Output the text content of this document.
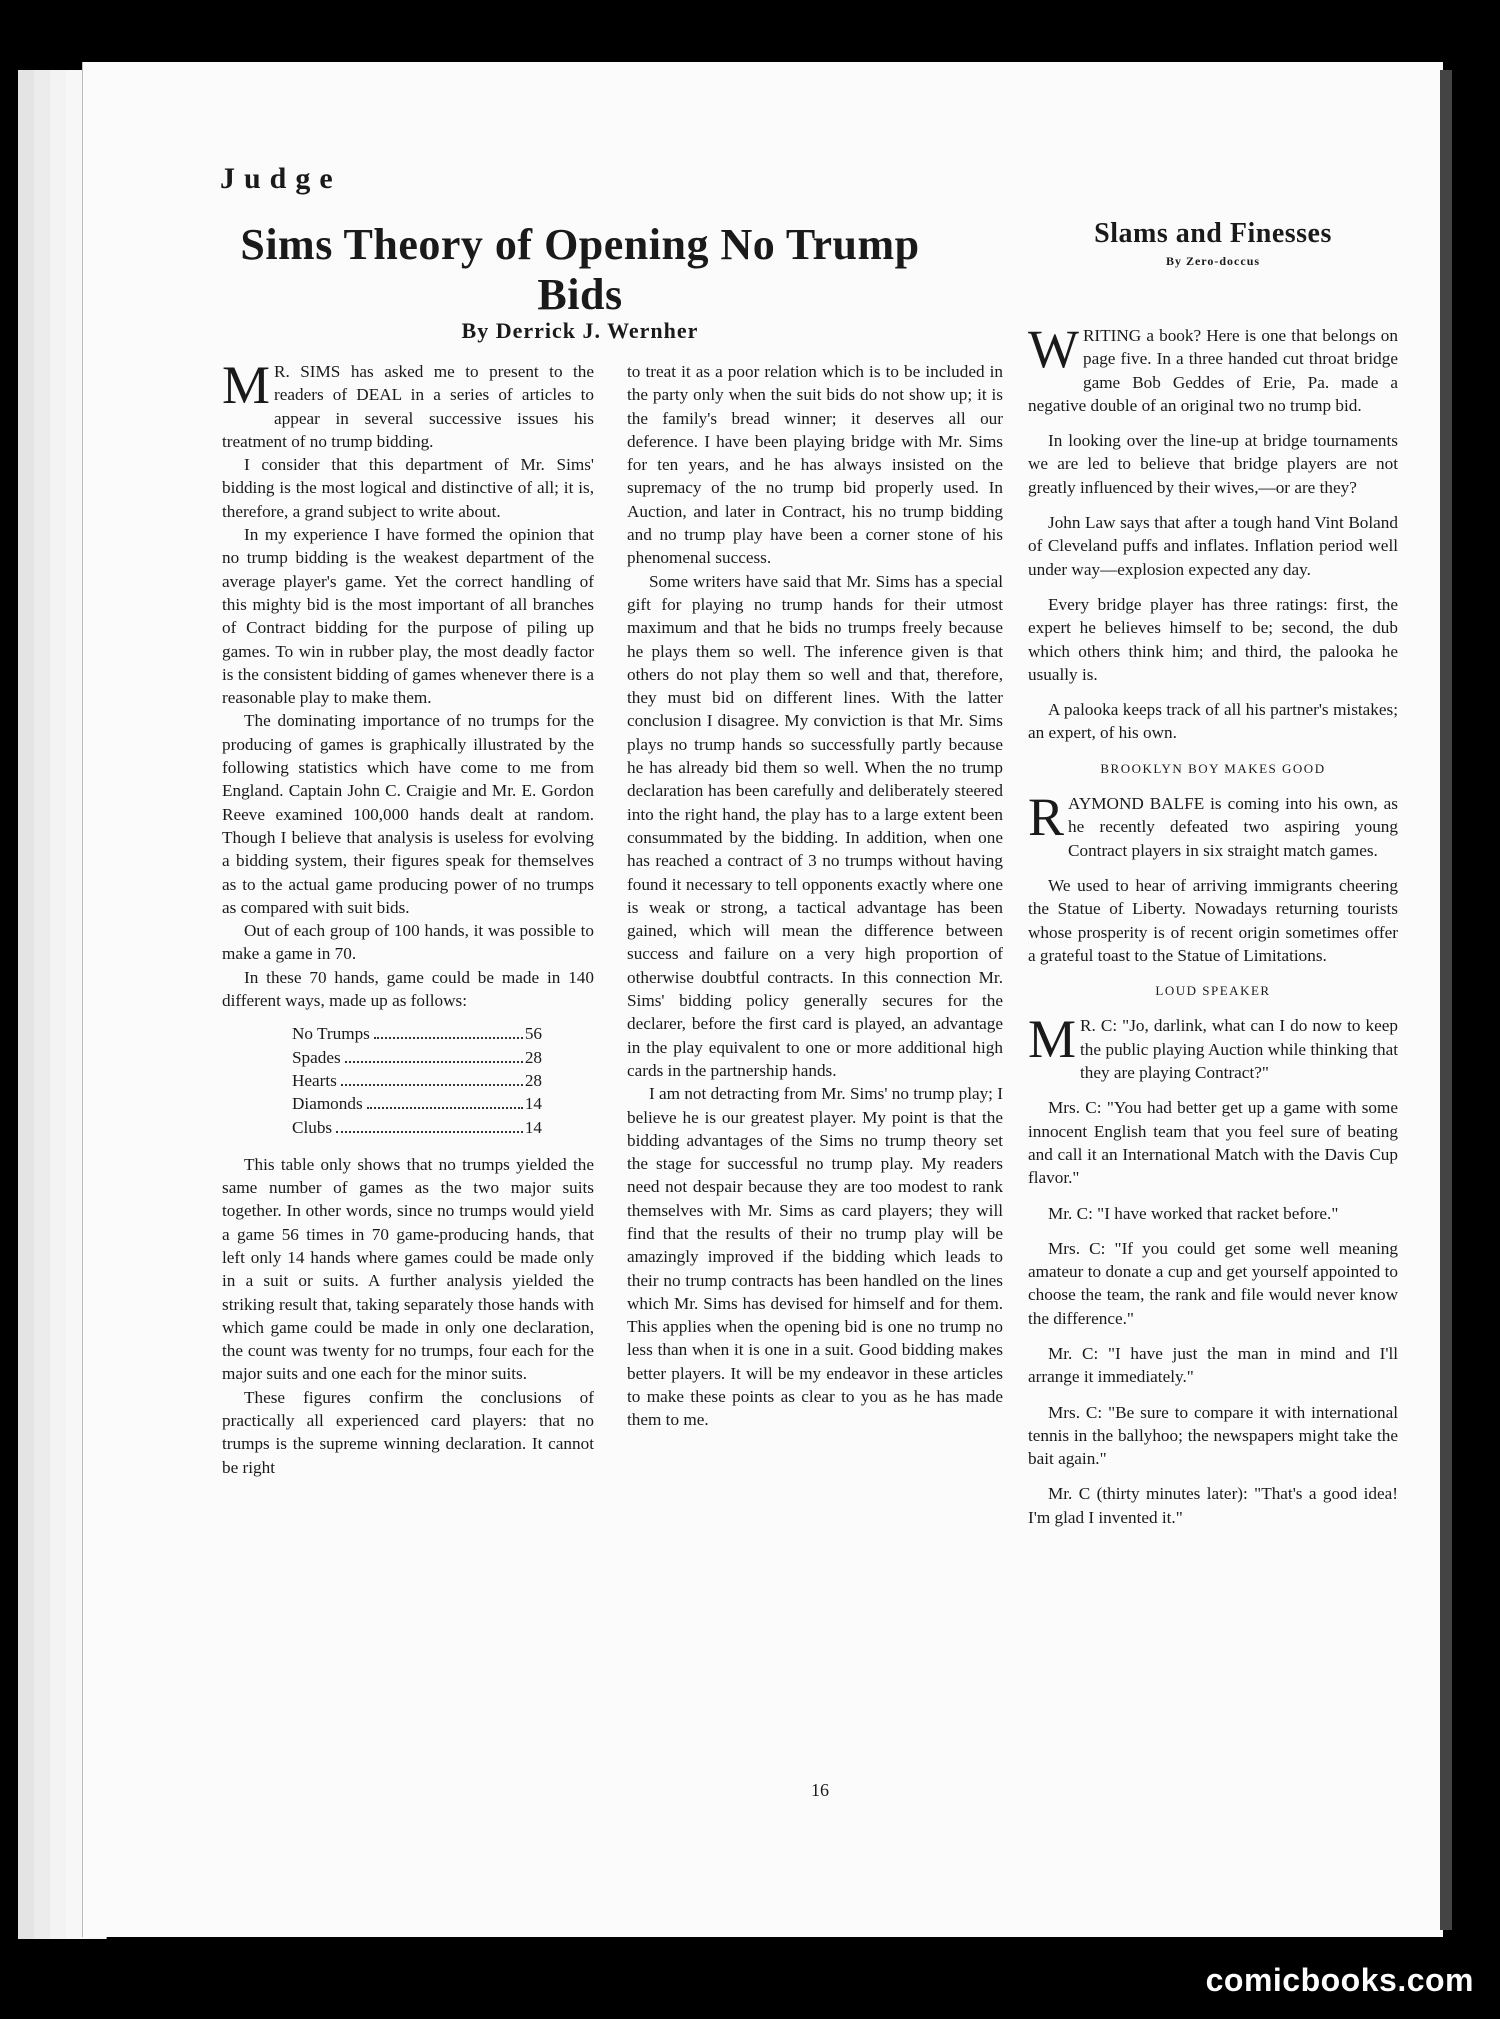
Judge
Sims Theory of Opening No Trump Bids
By Derrick J. Wernher

M R. SIMS has asked me to present to the readers of DEAL in a series of articles to appear in several successive issues his treatment of no trump bidding.

I consider that this department of Mr. Sims' bidding is the most logical and distinctive of all; it is, therefore, a grand subject to write about.

In my experience I have formed the opinion that no trump bidding is the weakest department of the average player's game. Yet the correct handling of this mighty bid is the most important of all branches of Contract bidding for the purpose of piling up games. To win in rubber play, the most deadly factor is the consistent bidding of games whenever there is a reasonable play to make them.

The dominating importance of no trumps for the producing of games is graphically illustrated by the following statistics which have come to me from England. Captain John C. Craigie and Mr. E. Gordon Reeve examined 100,000 hands dealt at random. Though I believe that analysis is useless for evolving a bidding system, their figures speak for themselves as to the actual game producing power of no trumps as compared with suit bids.

Out of each group of 100 hands, it was possible to make a game in 70.

In these 70 hands, game could be made in 140 different ways, made up as follows:

No Trumps	56
Spades	28
Hearts	28
Diamonds	14
Clubs	14

This table only shows that no trumps yielded the same number of games as the two major suits together. In other words, since no trumps would yield a game 56 times in 70 game-producing hands, that left only 14 hands where games could be made only in a suit or suits. A further analysis yielded the striking result that, taking separately those hands with which game could be made in only one declaration, the count was twenty for no trumps, four each for the major suits and one each for the minor suits.

These figures confirm the conclusions of practically all experienced card players: that no trumps is the supreme winning declaration. It cannot be right

to treat it as a poor relation which is to be included in the party only when the suit bids do not show up; it is the family's bread winner; it deserves all our deference. I have been playing bridge with Mr. Sims for ten years, and he has always insisted on the supremacy of the no trump bid properly used. In Auction, and later in Contract, his no trump bidding and no trump play have been a corner stone of his phenomenal success.

Some writers have said that Mr. Sims has a special gift for playing no trump hands for their utmost maximum and that he bids no trumps freely because he plays them so well. The inference given is that others do not play them so well and that, therefore, they must bid on different lines. With the latter conclusion I disagree. My conviction is that Mr. Sims plays no trump hands so successfully partly because he has already bid them so well. When the no trump declaration has been carefully and deliberately steered into the right hand, the play has to a large extent been consummated by the bidding. In addition, when one has reached a contract of 3 no trumps without having found it necessary to tell opponents exactly where one is weak or strong, a tactical advantage has been gained, which will mean the difference between success and failure on a very high proportion of otherwise doubtful contracts. In this connection Mr. Sims' bidding policy generally secures for the declarer, before the first card is played, an advantage in the play equivalent to one or more additional high cards in the partnership hands.

I am not detracting from Mr. Sims' no trump play; I believe he is our greatest player. My point is that the bidding advantages of the Sims no trump theory set the stage for successful no trump play. My readers need not despair because they are too modest to rank themselves with Mr. Sims as card players; they will find that the results of their no trump play will be amazingly improved if the bidding which leads to their no trump contracts has been handled on the lines which Mr. Sims has devised for himself and for them. This applies when the opening bid is one no trump no less than when it is one in a suit. Good bidding makes better players. It will be my endeavor in these articles to make these points as clear to you as he has made them to me.

Slams and Finesses
By Zero-doccus

WRITING a book? Here is one that belongs on page five. In a three handed cut throat bridge game Bob Geddes of Erie, Pa. made a negative double of an original two no trump bid.

In looking over the line-up at bridge tournaments we are led to believe that bridge players are not greatly influenced by their wives,—or are they?

John Law says that after a tough hand Vint Boland of Cleveland puffs and inflates. Inflation period well under way—explosion expected any day.

Every bridge player has three ratings: first, the expert he believes himself to be; second, the dub which others think him; and third, the palooka he usually is.

A palooka keeps track of all his partner's mistakes; an expert, of his own.

BROOKLYN BOY MAKES GOOD

RAYMOND BALFE is coming into his own, as he recently defeated two aspiring young Contract players in six straight match games.

We used to hear of arriving immigrants cheering the Statue of Liberty. Nowadays returning tourists whose prosperity is of recent origin sometimes offer a grateful toast to the Statue of Limitations.

LOUD SPEAKER

M R. C: "Jo, darlink, what can I do now to keep the public playing Auction while thinking that they are playing Contract?"

Mrs. C: "You had better get up a game with some innocent English team that you feel sure of beating and call it an International Match with the Davis Cup flavor."

Mr. C: "I have worked that racket before."

Mrs. C: "If you could get some well meaning amateur to donate a cup and get yourself appointed to choose the team, the rank and file would never know the difference."

Mr. C: "I have just the man in mind and I'll arrange it immediately."

Mrs. C: "Be sure to compare it with international tennis in the ballyhoo; the newspapers might take the bait again."

Mr. C (thirty minutes later): "That's a good idea! I'm glad I invented it."

16
comicbooks.com
